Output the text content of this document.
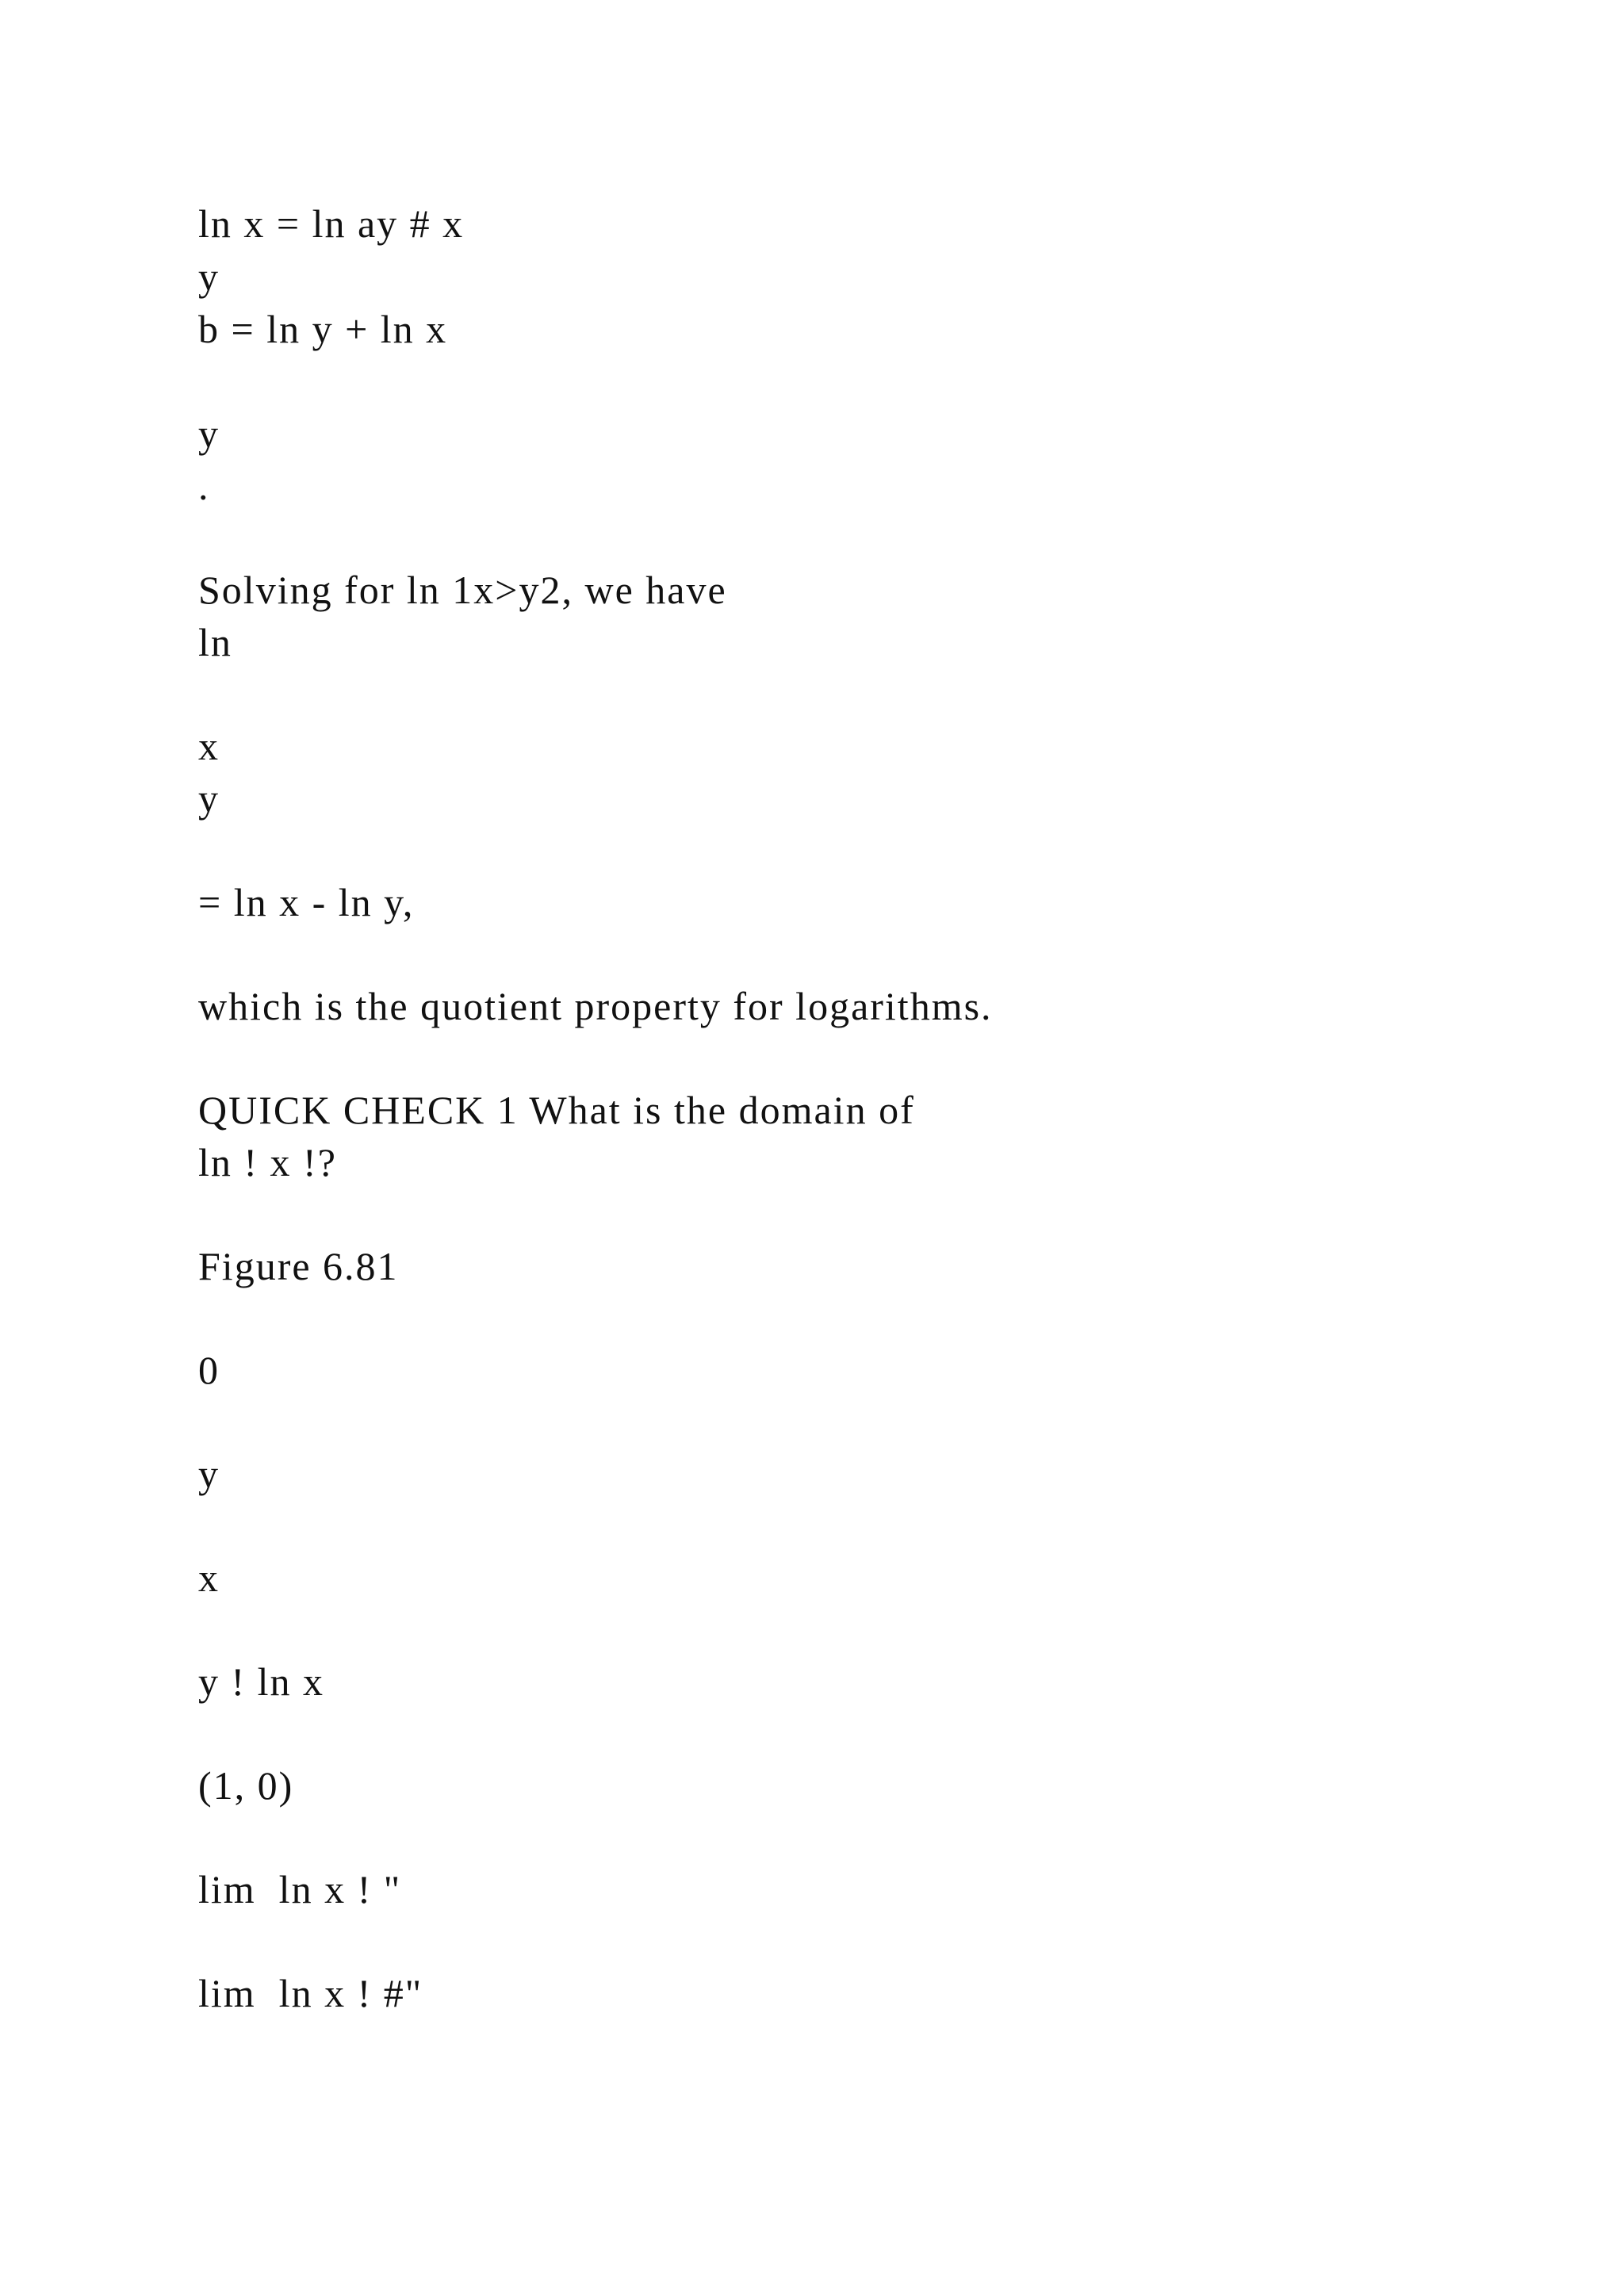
ln x = ln ay # x
y
b = ln y + ln x
y
.
Solving for ln 1x>y2, we have
ln
x
y
= ln x - ln y,
which is the quotient property for logarithms.
QUICK CHECK 1 What is the domain of
ln ! x !?
Figure 6.81
0
y
x
y ! ln x
(1, 0)
lim  ln x ! "
lim  ln x ! #"
